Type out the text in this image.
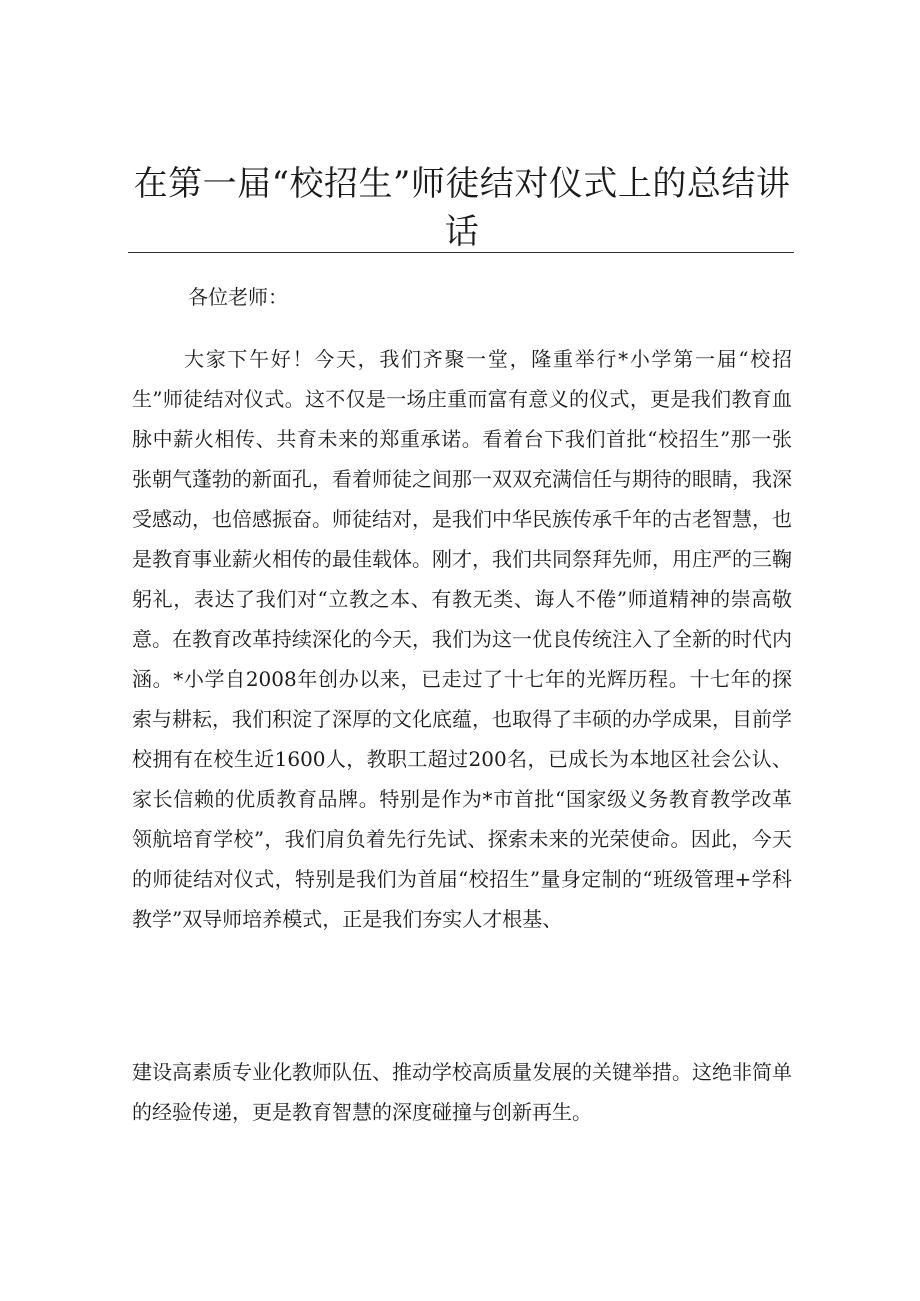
在第一届“校招生”师徒结对仪式上的总结讲话

各位老师：

大家下午好！今天，我们齐聚一堂，隆重举行*小学第一届“校招生”师徒结对仪式。这不仅是一场庄重而富有意义的仪式，更是我们教育血脉中薪火相传、共育未来的郑重承诺。看着台下我们首批“校招生”那一张张朝气蓬勃的新面孔，看着师徒之间那一双双充满信任与期待的眼睛，我深受感动，也倍感振奋。师徒结对，是我们中华民族传承千年的古老智慧，也是教育事业薪火相传的最佳载体。刚才，我们共同祭拜先师，用庄严的三鞠躬礼，表达了我们对“立教之本、有教无类、诲人不倦”师道精神的崇高敬意。在教育改革持续深化的今天，我们为这一优良传统注入了全新的时代内涵。*小学自2008年创办以来，已走过了十七年的光辉历程。十七年的探索与耕耘，我们积淀了深厚的文化底蕴，也取得了丰硕的办学成果，目前学校拥有在校生近1600人，教职工超过200名，已成长为本地区社会公认、家长信赖的优质教育品牌。特别是作为*市首批“国家级义务教育教学改革领航培育学校”，我们肩负着先行先试、探索未来的光荣使命。因此，今天的师徒结对仪式，特别是我们为首届“校招生”量身定制的“班级管理+学科教学”双导师培养模式，正是我们夯实人才根基、

建设高素质专业化教师队伍、推动学校高质量发展的关键举措。这绝非简单的经验传递，更是教育智慧的深度碰撞与创新再生。
